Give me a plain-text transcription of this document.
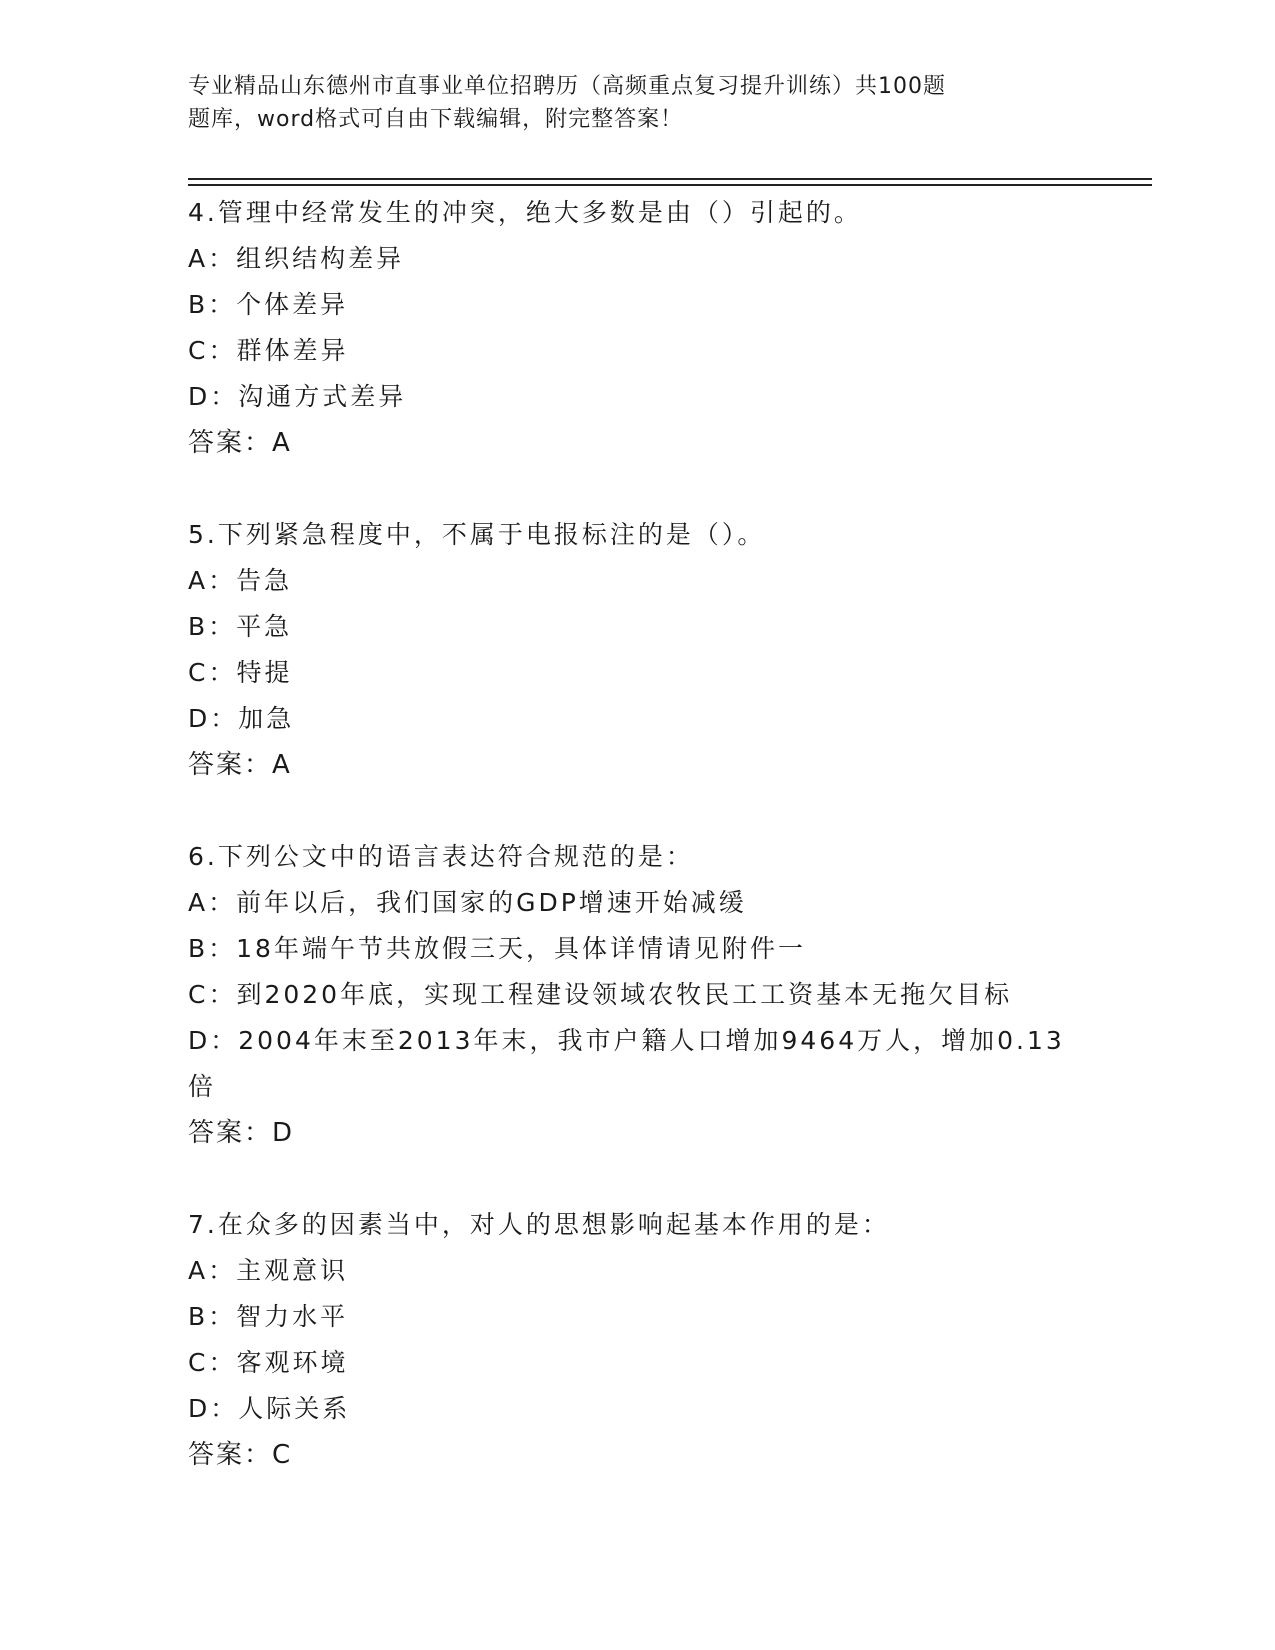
专业精品山东德州市直事业单位招聘历（高频重点复习提升训练）共100题
题库，word格式可自由下载编辑，附完整答案！
4.管理中经常发生的冲突，绝大多数是由（）引起的。
A：组织结构差异
B：个体差异
C：群体差异
D：沟通方式差异
答案：A
5.下列紧急程度中，不属于电报标注的是（）。
A：告急
B：平急
C：特提
D：加急
答案：A
6.下列公文中的语言表达符合规范的是：
A：前年以后，我们国家的GDP增速开始减缓
B：18年端午节共放假三天，具体详情请见附件一
C：到2020年底，实现工程建设领域农牧民工工资基本无拖欠目标
D：2004年末至2013年末，我市户籍人口增加9464万人，增加0.13倍
答案：D
7.在众多的因素当中，对人的思想影响起基本作用的是：
A：主观意识
B：智力水平
C：客观环境
D：人际关系
答案：C
